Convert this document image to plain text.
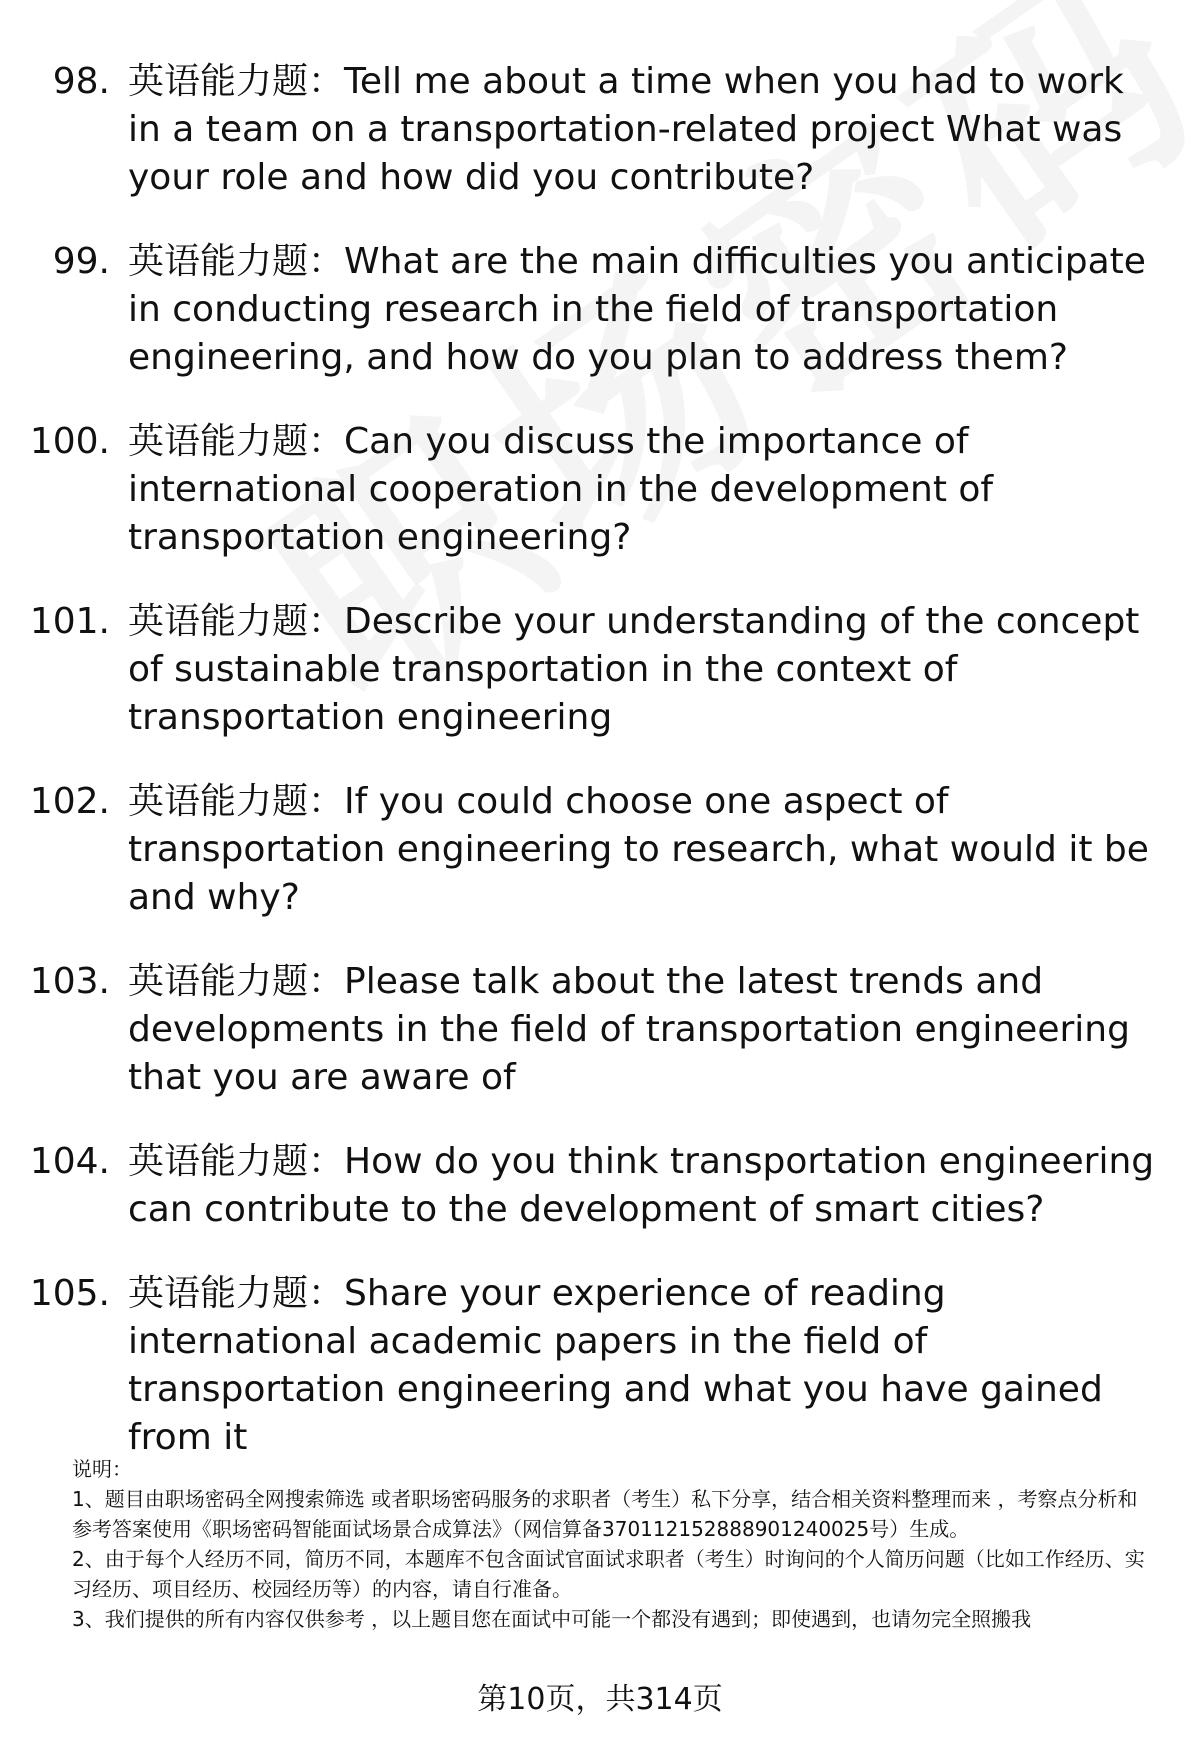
98. 英语能力题：Tell me about a time when you had to work in a team on a transportation-related project What was your role and how did you contribute?
99. 英语能力题：What are the main difficulties you anticipate in conducting research in the field of transportation engineering, and how do you plan to address them?
100. 英语能力题：Can you discuss the importance of international cooperation in the development of transportation engineering?
101. 英语能力题：Describe your understanding of the concept of sustainable transportation in the context of transportation engineering
102. 英语能力题：If you could choose one aspect of transportation engineering to research, what would it be and why?
103. 英语能力题：Please talk about the latest trends and developments in the field of transportation engineering that you are aware of
104. 英语能力题：How do you think transportation engineering can contribute to the development of smart cities?
105. 英语能力题：Share your experience of reading international academic papers in the field of transportation engineering and what you have gained from it

说明：

1、题目由职场密码全网搜索筛选 或者职场密码服务的求职者（考生）私下分享，结合相关资料整理而来 ，考察点分析和参考答案使用《职场密码智能面试场景合成算法》（网信算备370112152888901240025号）生成。

2、由于每个人经历不同，简历不同，本题库不包含面试官面试求职者（考生）时询问的个人简历问题（比如工作经历、实习经历、项目经历、校园经历等）的内容，请自行准备。

3、我们提供的所有内容仅供参考 ，以上题目您在面试中可能一个都没有遇到；即使遇到，也请勿完全照搬我

第10页，共314页
